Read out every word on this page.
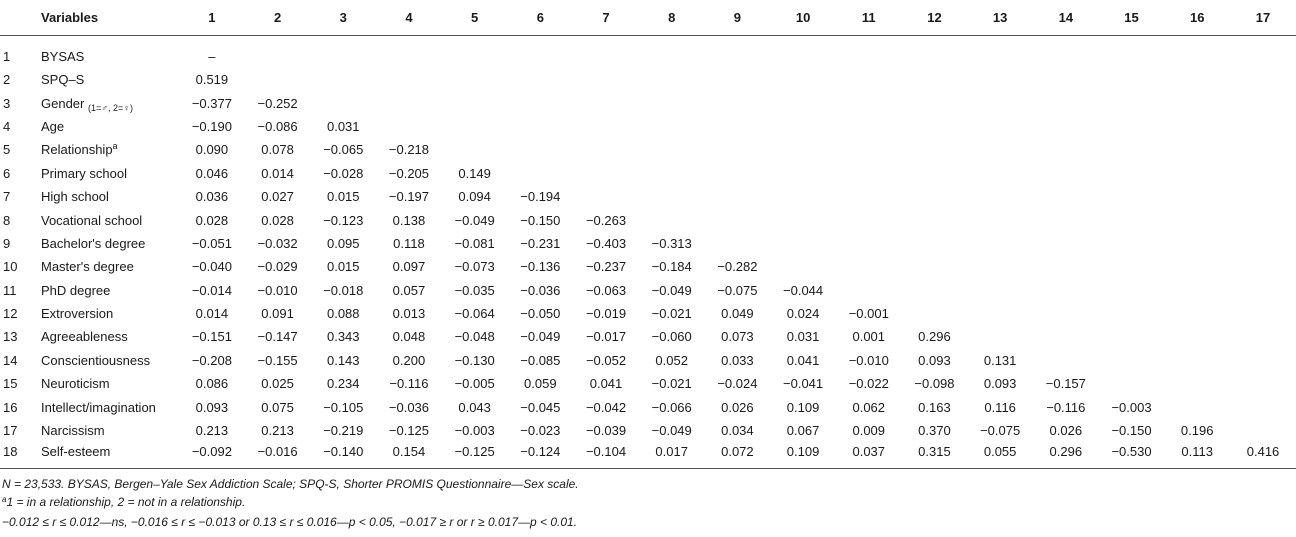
Variables		1	2	3	4	5	6	7	8	9	10	11	12	13	14	15	16	17
1	BYSAS	–																
2	SPQ–S	0.519																
3	Gender $_{(1=♂, 2=♀)}$	−0.377	−0.252															
4	Age	−0.190	−0.086	0.031														
5	Relationship$^a$	0.090	0.078	−0.065	−0.218													
6	Primary school	0.046	0.014	−0.028	−0.205	0.149												
7	High school	0.036	0.027	0.015	−0.197	0.094	−0.194											
8	Vocational school	0.028	0.028	−0.123	0.138	−0.049	−0.150	−0.263										
9	Bachelor's degree	−0.051	−0.032	0.095	0.118	−0.081	−0.231	−0.403	−0.313									
10	Master's degree	−0.040	−0.029	0.015	0.097	−0.073	−0.136	−0.237	−0.184	−0.282								
11	PhD degree	−0.014	−0.010	−0.018	0.057	−0.035	−0.036	−0.063	−0.049	−0.075	−0.044							
12	Extroversion	0.014	0.091	0.088	0.013	−0.064	−0.050	−0.019	−0.021	0.049	0.024	−0.001						
13	Agreeableness	−0.151	−0.147	0.343	0.048	−0.048	−0.049	−0.017	−0.060	0.073	0.031	0.001	0.296					
14	Conscientiousness	−0.208	−0.155	0.143	0.200	−0.130	−0.085	−0.052	0.052	0.033	0.041	−0.010	0.093	0.131				
15	Neuroticism	0.086	0.025	0.234	−0.116	−0.005	0.059	0.041	−0.021	−0.024	−0.041	−0.022	−0.098	0.093	−0.157			
16	Intellect/imagination	0.093	0.075	−0.105	−0.036	0.043	−0.045	−0.042	−0.066	0.026	0.109	0.062	0.163	0.116	−0.116	−0.003		
17	Narcissism	0.213	0.213	−0.219	−0.125	−0.003	−0.023	−0.039	−0.049	0.034	0.067	0.009	0.370	−0.075	0.026	−0.150	0.196	
18	Self-esteem	−0.092	−0.016	−0.140	0.154	−0.125	−0.124	−0.104	0.017	0.072	0.109	0.037	0.315	0.055	0.296	−0.530	0.113	0.416
N = 23,533. BYSAS, Bergen–Yale Sex Addiction Scale; SPQ-S, Shorter PROMIS Questionnaire—Sex scale.
$^a$1 = in a relationship, 2 = not in a relationship.
−0.012 ≤ r ≤ 0.012—ns, −0.016 ≤ r ≤ −0.013 or 0.13 ≤ r ≤ 0.016—p < 0.05, −0.017 ≥ r or r ≥ 0.017—p < 0.01.
